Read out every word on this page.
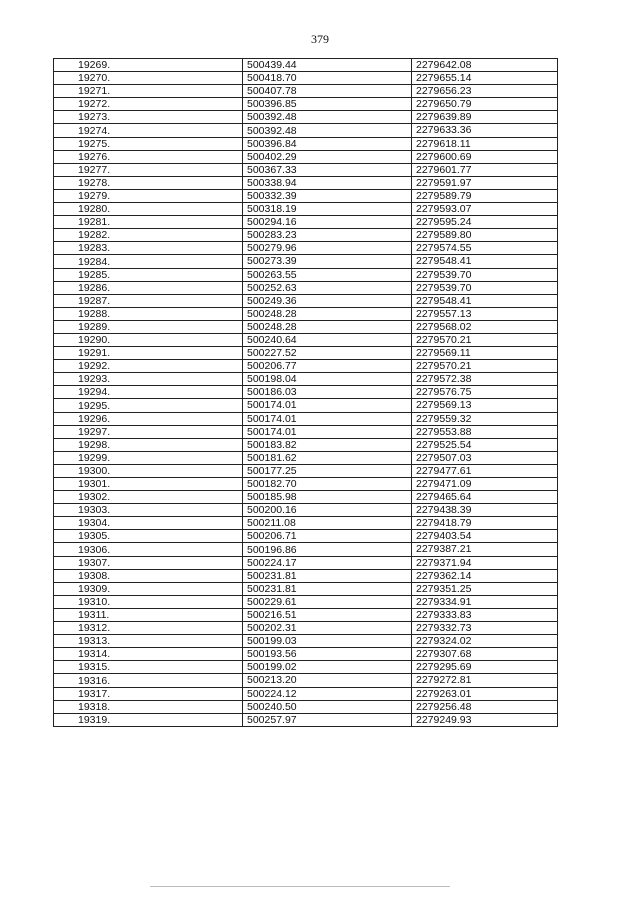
379
19269.	500439.44	2279642.08
19270.	500418.70	2279655.14
19271.	500407.78	2279656.23
19272.	500396.85	2279650.79
19273.	500392.48	2279639.89
19274.	500392.48	2279633.36
19275.	500396.84	2279618.11
19276.	500402.29	2279600.69
19277.	500367.33	2279601.77
19278.	500338.94	2279591.97
19279.	500332.39	2279589.79
19280.	500318.19	2279593.07
19281.	500294.16	2279595.24
19282.	500283.23	2279589.80
19283.	500279.96	2279574.55
19284.	500273.39	2279548.41
19285.	500263.55	2279539.70
19286.	500252.63	2279539.70
19287.	500249.36	2279548.41
19288.	500248.28	2279557.13
19289.	500248.28	2279568.02
19290.	500240.64	2279570.21
19291.	500227.52	2279569.11
19292.	500206.77	2279570.21
19293.	500198.04	2279572.38
19294.	500186.03	2279576.75
19295.	500174.01	2279569.13
19296.	500174.01	2279559.32
19297.	500174.01	2279553.88
19298.	500183.82	2279525.54
19299.	500181.62	2279507.03
19300.	500177.25	2279477.61
19301.	500182.70	2279471.09
19302.	500185.98	2279465.64
19303.	500200.16	2279438.39
19304.	500211.08	2279418.79
19305.	500206.71	2279403.54
19306.	500196.86	2279387.21
19307.	500224.17	2279371.94
19308.	500231.81	2279362.14
19309.	500231.81	2279351.25
19310.	500229.61	2279334.91
19311.	500216.51	2279333.83
19312.	500202.31	2279332.73
19313.	500199.03	2279324.02
19314.	500193.56	2279307.68
19315.	500199.02	2279295.69
19316.	500213.20	2279272.81
19317.	500224.12	2279263.01
19318.	500240.50	2279256.48
19319.	500257.97	2279249.93
